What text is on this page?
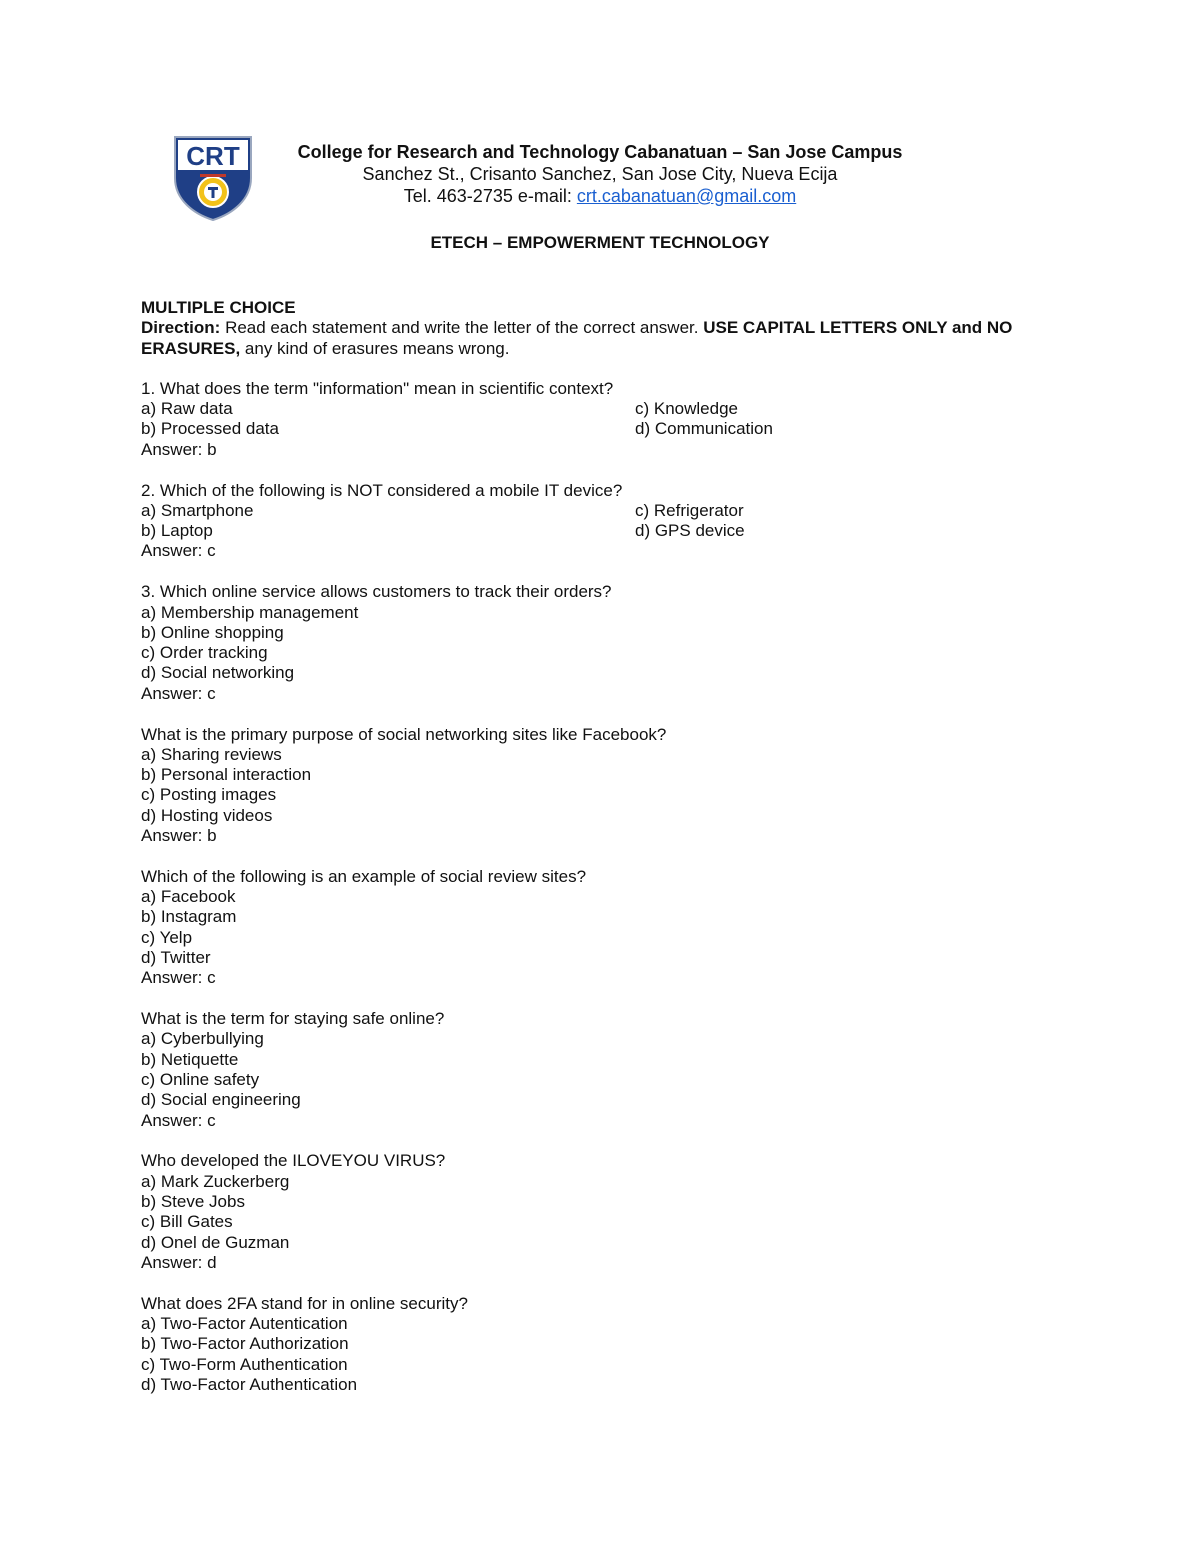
CRT	College for Research and Technology Cabanatuan – San Jose Campus
Sanchez St., Crisanto Sanchez, San Jose City, Nueva Ecija
Tel. 463-2735 e-mail: crt.cabanatuan@gmail.com
ETECH – EMPOWERMENT TECHNOLOGY
MULTIPLE CHOICE
Direction: Read each statement and write the letter of the correct answer. USE CAPITAL LETTERS ONLY and NO ERASURES, any kind of erasures means wrong.
1. What does the term "information" mean in scientific context?
a) Raw data	c) Knowledge
b) Processed data	d) Communication
Answer: b
2. Which of the following is NOT considered a mobile IT device?
a) Smartphone	c) Refrigerator
b) Laptop	d) GPS device
Answer: c
3. Which online service allows customers to track their orders?
a) Membership management
b) Online shopping
c) Order tracking
d) Social networking
Answer: c
What is the primary purpose of social networking sites like Facebook?
a) Sharing reviews
b) Personal interaction
c) Posting images
d) Hosting videos
Answer: b
Which of the following is an example of social review sites?
a) Facebook
b) Instagram
c) Yelp
d) Twitter
Answer: c
What is the term for staying safe online?
a) Cyberbullying
b) Netiquette
c) Online safety
d) Social engineering
Answer: c
Who developed the ILOVEYOU VIRUS?
a) Mark Zuckerberg
b) Steve Jobs
c) Bill Gates
d) Onel de Guzman
Answer: d
What does 2FA stand for in online security?
a) Two-Factor Autentication
b) Two-Factor Authorization
c) Two-Form Authentication
d) Two-Factor Authentication
